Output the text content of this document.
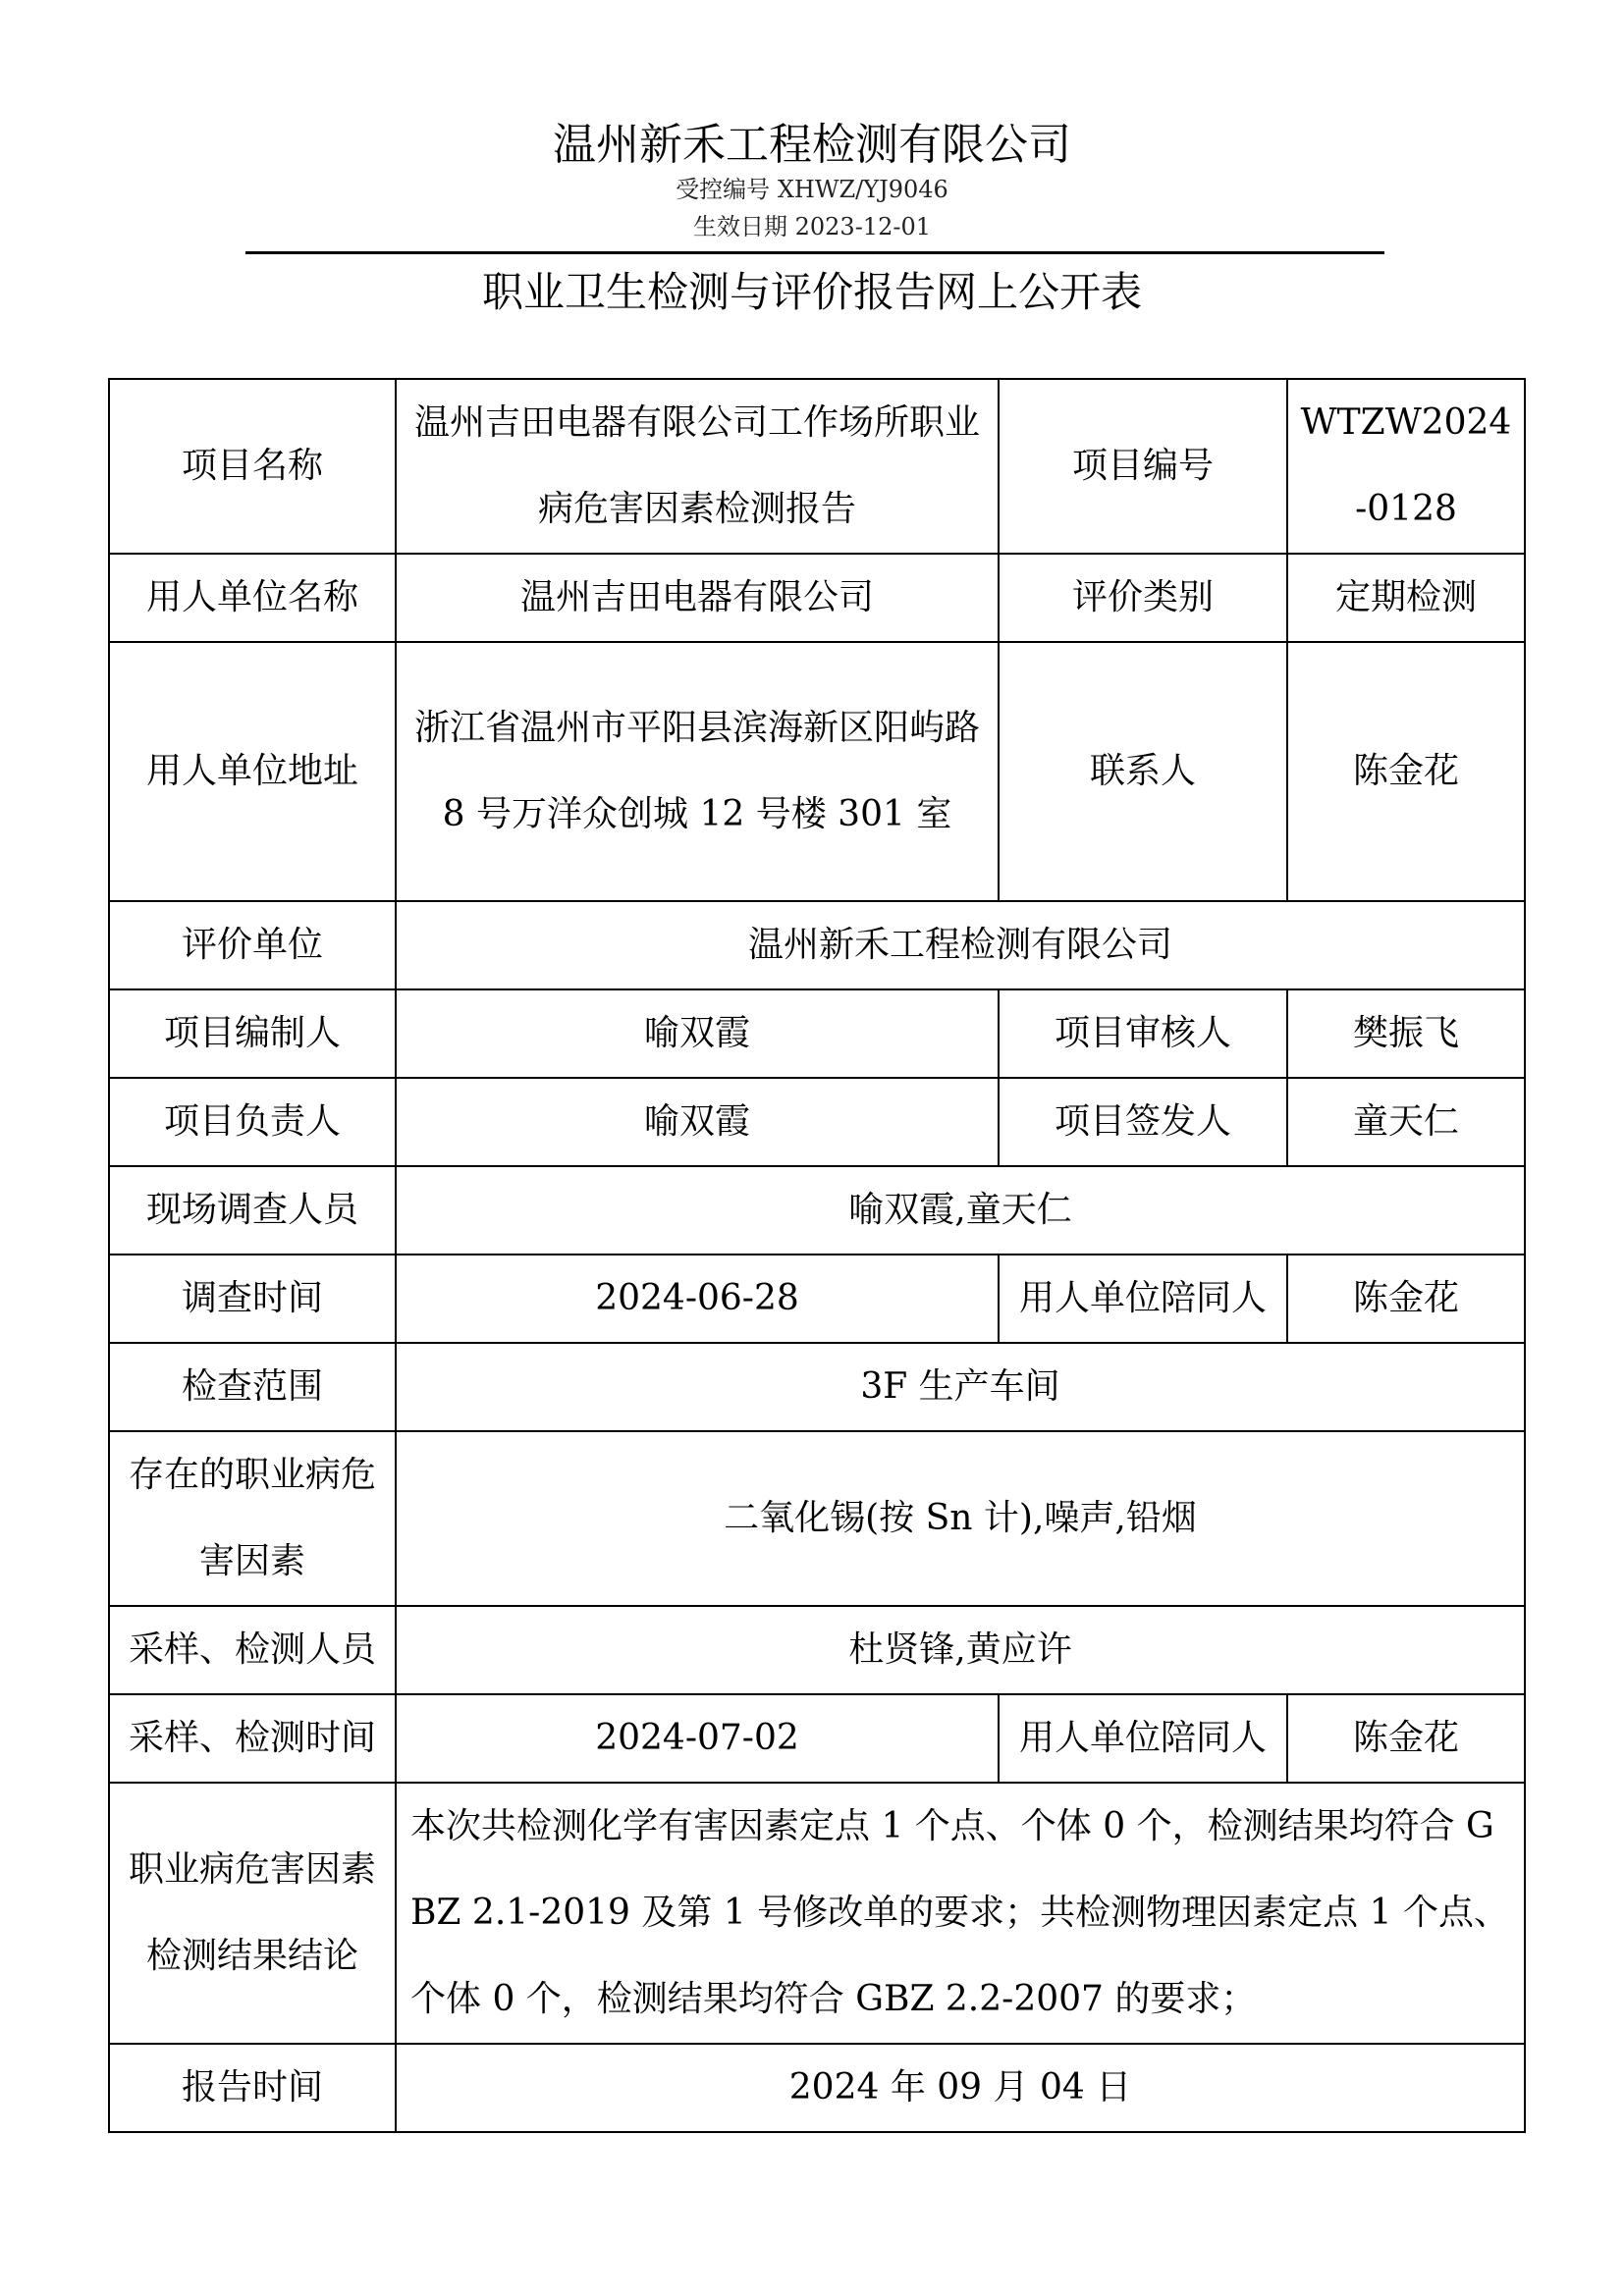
温州新禾工程检测有限公司
受控编号 XHWZ/YJ9046
生效日期 2023-12-01
职业卫生检测与评价报告网上公开表
项目名称	温州吉田电器有限公司工作场所职业病危害因素检测报告	项目编号	WTZW2024-0128
用人单位名称	温州吉田电器有限公司	评价类别	定期检测
用人单位地址	浙江省温州市平阳县滨海新区阳屿路 8 号万洋众创城 12 号楼 301 室	联系人	陈金花
评价单位	温州新禾工程检测有限公司		
项目编制人	喻双霞	项目审核人	樊振飞
项目负责人	喻双霞	项目签发人	童天仁
现场调查人员	喻双霞,童天仁		
调查时间	2024-06-28	用人单位陪同人	陈金花
检查范围	3F 生产车间		
存在的职业病危害因素	二氧化锡(按 Sn 计),噪声,铅烟		
采样、检测人员	杜贤锋,黄应许		
采样、检测时间	2024-07-02	用人单位陪同人	陈金花
职业病危害因素检测结果结论	本次共检测化学有害因素定点 1 个点、个体 0 个，检测结果均符合 GBZ 2.1-2019 及第 1 号修改单的要求；共检测物理因素定点 1 个点、个体 0 个，检测结果均符合 GBZ 2.2-2007 的要求；		
报告时间	2024 年 09 月 04 日		
